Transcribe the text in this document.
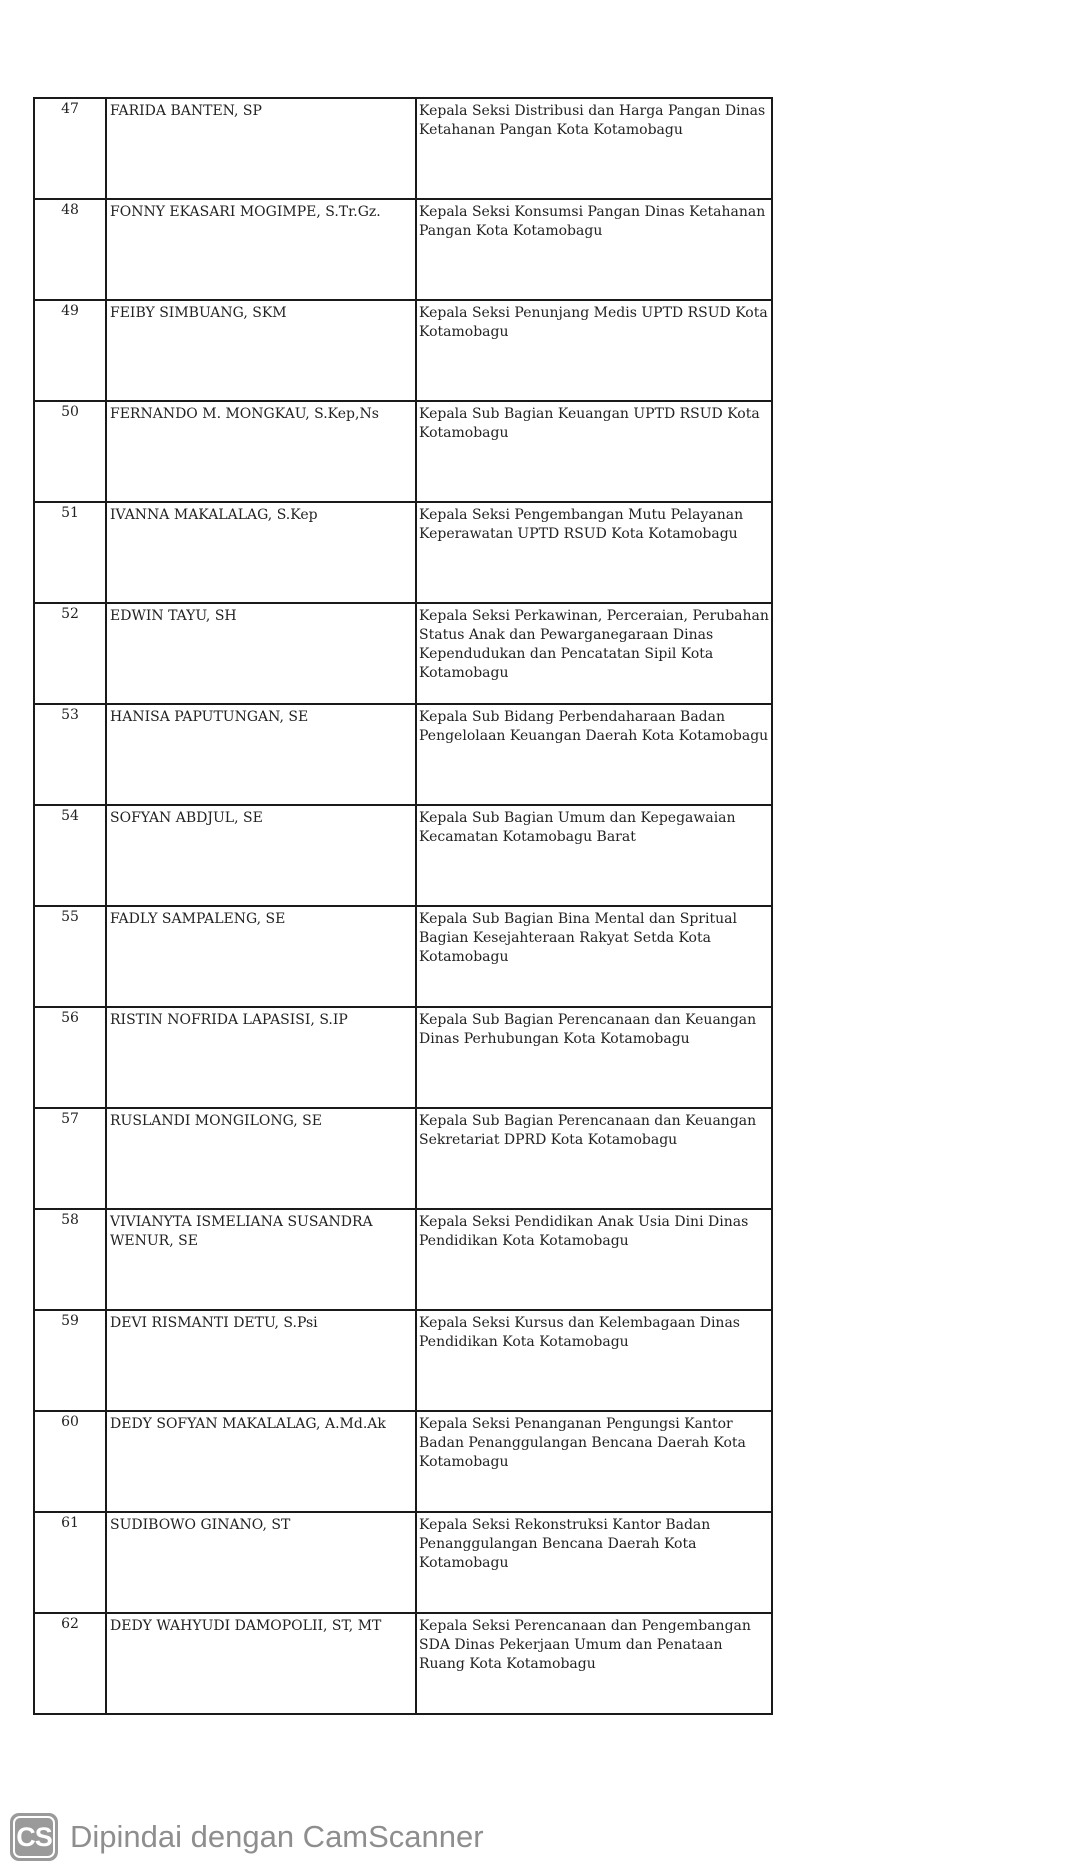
47	FARIDA BANTEN, SP	Kepala Seksi Distribusi dan Harga Pangan Dinas Ketahanan Pangan Kota Kotamobagu
48	FONNY EKASARI MOGIMPE, S.Tr.Gz.	Kepala Seksi Konsumsi Pangan Dinas Ketahanan Pangan Kota Kotamobagu
49	FEIBY SIMBUANG, SKM	Kepala Seksi Penunjang Medis UPTD RSUD Kota Kotamobagu
50	FERNANDO M. MONGKAU, S.Kep,Ns	Kepala Sub Bagian Keuangan UPTD RSUD Kota Kotamobagu
51	IVANNA MAKALALAG, S.Kep	Kepala Seksi Pengembangan Mutu Pelayanan Keperawatan UPTD RSUD Kota Kotamobagu
52	EDWIN TAYU, SH	Kepala Seksi Perkawinan, Perceraian, Perubahan Status Anak dan Pewarganegaraan Dinas Kependudukan dan Pencatatan Sipil Kota Kotamobagu
53	HANISA PAPUTUNGAN, SE	Kepala Sub Bidang Perbendaharaan Badan Pengelolaan Keuangan Daerah Kota Kotamobagu
54	SOFYAN ABDJUL, SE	Kepala Sub Bagian Umum dan Kepegawaian Kecamatan Kotamobagu Barat
55	FADLY SAMPALENG, SE	Kepala Sub Bagian Bina Mental dan Spritual Bagian Kesejahteraan Rakyat Setda Kota Kotamobagu
56	RISTIN NOFRIDA LAPASISI, S.IP	Kepala Sub Bagian Perencanaan dan Keuangan Dinas Perhubungan Kota Kotamobagu
57	RUSLANDI MONGILONG, SE	Kepala Sub Bagian Perencanaan dan Keuangan Sekretariat DPRD Kota Kotamobagu
58	VIVIANYTA ISMELIANA SUSANDRA WENUR, SE	Kepala Seksi Pendidikan Anak Usia Dini Dinas Pendidikan Kota Kotamobagu
59	DEVI RISMANTI DETU, S.Psi	Kepala Seksi Kursus dan Kelembagaan Dinas Pendidikan Kota Kotamobagu
60	DEDY SOFYAN MAKALALAG, A.Md.Ak	Kepala Seksi Penanganan Pengungsi Kantor Badan Penanggulangan Bencana Daerah Kota Kotamobagu
61	SUDIBOWO GINANO, ST	Kepala Seksi Rekonstruksi Kantor Badan Penanggulangan Bencana Daerah Kota Kotamobagu
62	DEDY WAHYUDI DAMOPOLII, ST, MT	Kepala Seksi Perencanaan dan Pengembangan SDA Dinas Pekerjaan Umum dan Penataan Ruang Kota Kotamobagu
CS Dipindai dengan CamScanner
